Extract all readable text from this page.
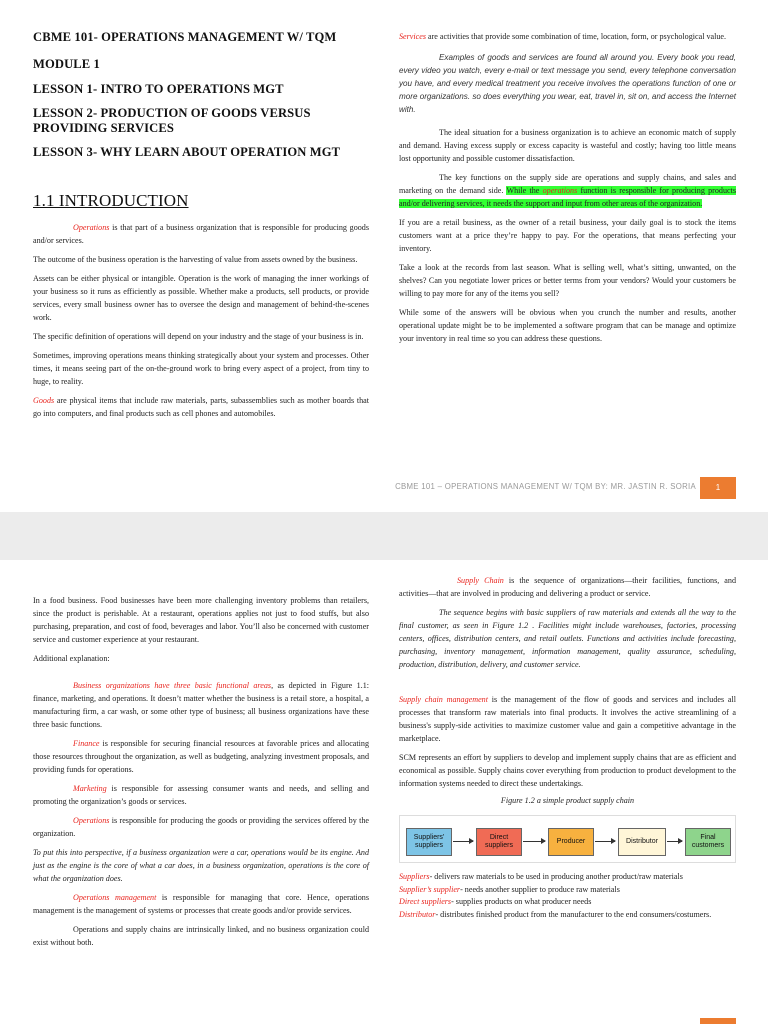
CBME 101- OPERATIONS MANAGEMENT W/ TQM
MODULE 1
LESSON 1- INTRO TO OPERATIONS MGT
LESSON 2- PRODUCTION OF GOODS VERSUS PROVIDING SERVICES
LESSON 3- WHY LEARN ABOUT OPERATION MGT
1.1 INTRODUCTION

Operations is that part of a business organization that is responsible for producing goods and/or services.

The outcome of the business operation is the harvesting of value from assets owned by the business.

Assets can be either physical or intangible. Operation is the work of managing the inner workings of your business so it runs as efficiently as possible. Whether make a products, sell products, or provide services, every small business owner has to oversee the design and management of behind-the-scenes work.

The specific definition of operations will depend on your industry and the stage of your business is in.

Sometimes, improving operations means thinking strategically about your system and processes. Other times, it means seeing part of the on-the-ground work to bring every aspect of a project, from tiny to huge, to reality.

Goods are physical items that include raw materials, parts, subassemblies such as mother boards that go into computers, and final products such as cell phones and automobiles.

Services are activities that provide some combination of time, location, form, or psychological value.

Examples of goods and services are found all around you. Every book you read, every video you watch, every e-mail or text message you send, every telephone conversation you have, and every medical treatment you receive involves the operations function of one or more organizations. so does everything you wear, eat, travel in, sit on, and access the Internet with.

The ideal situation for a business organization is to achieve an economic match of supply and demand. Having excess supply or excess capacity is wasteful and costly; having too little means lost opportunity and possible customer dissatisfaction.

The key functions on the supply side are operations and supply chains, and sales and marketing on the demand side. While the operations function is responsible for producing products and/or delivering services, it needs the support and input from other areas of the organization.

If you are a retail business, as the owner of a retail business, your daily goal is to stock the items customers want at a price they’re happy to pay. For the operations, that means perfecting your inventory.

Take a look at the records from last season. What is selling well, what’s sitting, unwanted, on the shelves? Can you negotiate lower prices or better terms from your vendors? Would your customers be willing to pay more for any of the items you sell?

While some of the answers will be obvious when you crunch the number and results, another operational update might be to be implemented a software program that can be manage and optimize your inventory in real time so you can address these questions.

CBME 101 – OPERATIONS MANAGEMENT W/ TQM BY: MR. JASTIN R. SORIA	1

In a food business. Food businesses have been more challenging inventory problems than retailers, since the product is perishable. At a restaurant, operations applies not just to food stuffs, but also purchasing, preparation, and cost of food, beverages and labor. You’ll also be concerned with customer service and customer experience at your restaurant.

Additional explanation:

Business organizations have three basic functional areas, as depicted in Figure 1.1: finance, marketing, and operations. It doesn’t matter whether the business is a retail store, a hospital, a manufacturing firm, a car wash, or some other type of business; all business organizations have these three basic functions.

Finance is responsible for securing financial resources at favorable prices and allocating those resources throughout the organization, as well as budgeting, analyzing investment proposals, and providing funds for operations.

Marketing is responsible for assessing consumer wants and needs, and selling and promoting the organization’s goods or services.

Operations is responsible for producing the goods or providing the services offered by the organization.

To put this into perspective, if a business organization were a car, operations would be its engine. And just as the engine is the core of what a car does, in a business organization, operations is the core of what the organization does.

Operations management is responsible for managing that core. Hence, operations management is the management of systems or processes that create goods and/or provide services.

Operations and supply chains are intrinsically linked, and no business organization could exist without both.

Supply Chain is the sequence of organizations—their facilities, functions, and activities—that are involved in producing and delivering a product or service.

The sequence begins with basic suppliers of raw materials and extends all the way to the final customer, as seen in Figure 1.2 . Facilities might include warehouses, factories, processing centers, offices, distribution centers, and retail outlets. Functions and activities include forecasting, purchasing, inventory management, information management, quality assurance, scheduling, production, distribution, delivery, and customer service.

Supply chain management is the management of the flow of goods and services and includes all processes that transform raw materials into final products. It involves the active streamlining of a business's supply-side activities to maximize customer value and gain a competitive advantage in the marketplace.

SCM represents an effort by suppliers to develop and implement supply chains that are as efficient and economical as possible. Supply chains cover everything from production to product development to the information systems needed to direct these undertakings.

Figure 1.2 a simple product supply chain
Suppliers' suppliers
Direct suppliers
Producer	Distributor
Final customers
Suppliers- delivers raw materials to be used in producing another product/raw materials
Supplier’s supplier- needs another supplier to produce raw materials
Direct suppliers- supplies products on what producer needs
Distributor- distributes finished product from the manufacturer to the end consumers/costumers.
